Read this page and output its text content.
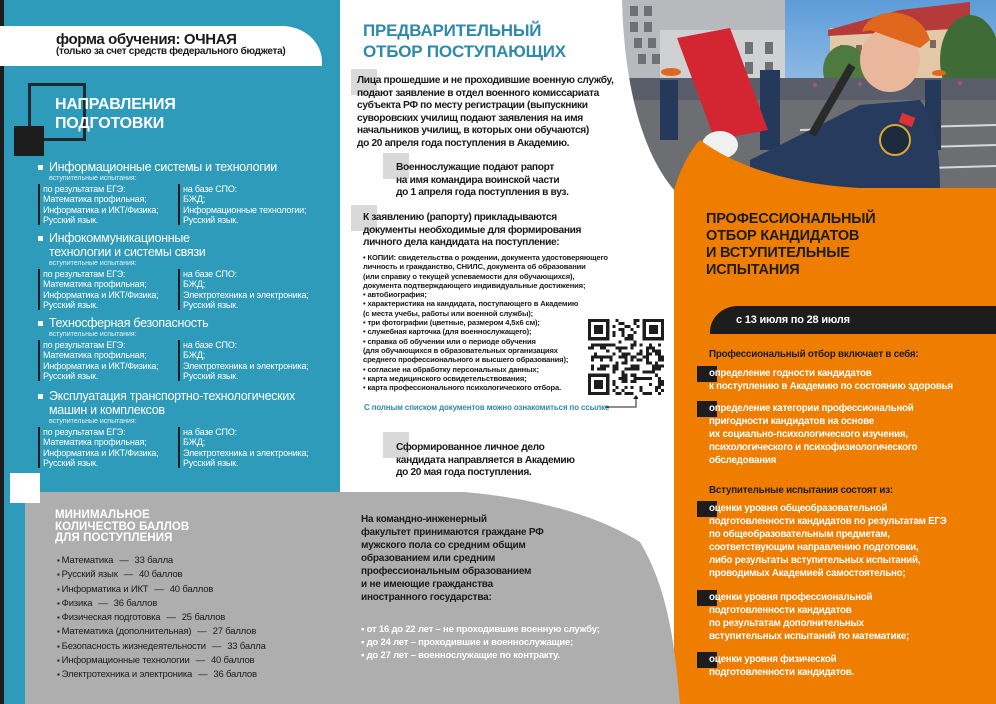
форма обучения: ОЧНАЯ
(только за счет средств федерального бюджета)
НАПРАВЛЕНИЯ
ПОДГОТОВКИ
Информационные системы и технологии
вступительные испытания:
по результатам ЕГЭ:
Математика профильная;
Информатика и ИКТ/Физика;
Русский язык.
на базе СПО:
БЖД;
Информационные технологии;
Русский язык.
Инфокоммуникационные
технологии и системы связи
вступительные испытания:
по результатам ЕГЭ:
Математика профильная;
Информатика и ИКТ/Физика;
Русский язык.
на базе СПО:
БЖД;
Электротехника и электроника;
Русский язык.
Техносферная безопасность
вступительные испытания:
по результатам ЕГЭ:
Математика профильная;
Информатика и ИКТ/Физика;
Русский язык.
на базе СПО:
БЖД;
Электротехника и электроника;
Русский язык.
Эксплуатация транспортно-технологических
машин и комплексов
вступительные испытания:
по результатам ЕГЭ:
Математика профильная;
Информатика и ИКТ/Физика;
Русский язык.
на базе СПО:
БЖД;
Электротехника и электроника;
Русский язык.
МИНИМАЛЬНОЕ
КОЛИЧЕСТВО БАЛЛОВ
ДЛЯ ПОСТУПЛЕНИЯ
▪ Математика — 33 балла
▪ Русский язык — 40 баллов
▪ Информатика и ИКТ — 40 баллов
▪ Физика — 36 баллов
▪ Физическая подготовка — 25 баллов
▪ Математика (дополнительная) — 27 баллов
▪ Безопасность жизнедеятельности — 33 балла
▪ Информационные технологии — 40 баллов
▪ Электротехника и электроника — 36 баллов
ПРЕДВАРИТЕЛЬНЫЙ
ОТБОР ПОСТУПАЮЩИХ
Лица прошедшие и не проходившие военную службу,
подают заявление в отдел военного комиссариата
субъекта РФ по месту регистрации (выпускники
суворовских училищ подают заявления на имя
начальников училищ, в которых они обучаются)
до 20 апреля года поступления в Академию.
Военнослужащие подают рапорт
на имя командира воинской части
до 1 апреля года поступления в вуз.
К заявлению (рапорту) прикладываются
документы необходимые для формирования
личного дела кандидата на поступление:
• КОПИИ: свидетельства о рождении, документа удостоверяющего
личность и гражданство, СНИЛС, документа об образовании
(или справку о текущей успеваемости для обучающихся),
документа подтверждающего индивидуальные достижения;
• автобиография;
• характеристика на кандидата, поступающего в Академию
(с места учебы, работы или военной службы);
• три фотографии (цветные, размером 4,5х6 см);
• служебная карточка (для военнослужащего);
• справка об обучении или о периоде обучения
(для обучающихся в образовательных организациях
среднего профессионального и высшего образования);
• согласие на обработку персональных данных;
• карта медицинского освидетельствования;
• карта профессионального психологического отбора.
С полным списком документов можно ознакомиться по ссылке
Сформированное личное дело
кандидата направляется в Академию
до 20 мая года поступления.
На командно-инженерный
факультет принимаются граждане РФ
мужского пола со средним общим
образованием или средним
профессиональным образованием
и не имеющие гражданства
иностранного государства:
▪ от 16 до 22 лет – не проходившие военную службу;
▪ до 24 лет – проходившие и военнослужащие;
▪ до 27 лет – военнослужащие по контракту.
ПРОФЕССИОНАЛЬНЫЙ
ОТБОР КАНДИДАТОВ
И ВСТУПИТЕЛЬНЫЕ
ИСПЫТАНИЯ
с 13 июля по 28 июля
Профессиональный отбор включает в себя:
определение годности кандидатов
к поступлению в Академию по состоянию здоровья
определение категории профессиональной
пригодности кандидатов на основе
их социально-психологического изучения,
психологического и психофизиологического
обследования
Вступительные испытания состоят из:
оценки уровня общеобразовательной
подготовленности кандидатов по результатам ЕГЭ
по общеобразовательным предметам,
соответствующим направлению подготовки,
либо результаты вступительных испытаний,
проводимых Академией самостоятельно;
оценки уровня профессиональной
подготовленности кандидатов
по результатам дополнительных
вступительных испытаний по математике;
оценки уровня физической
подготовленности кандидатов.
